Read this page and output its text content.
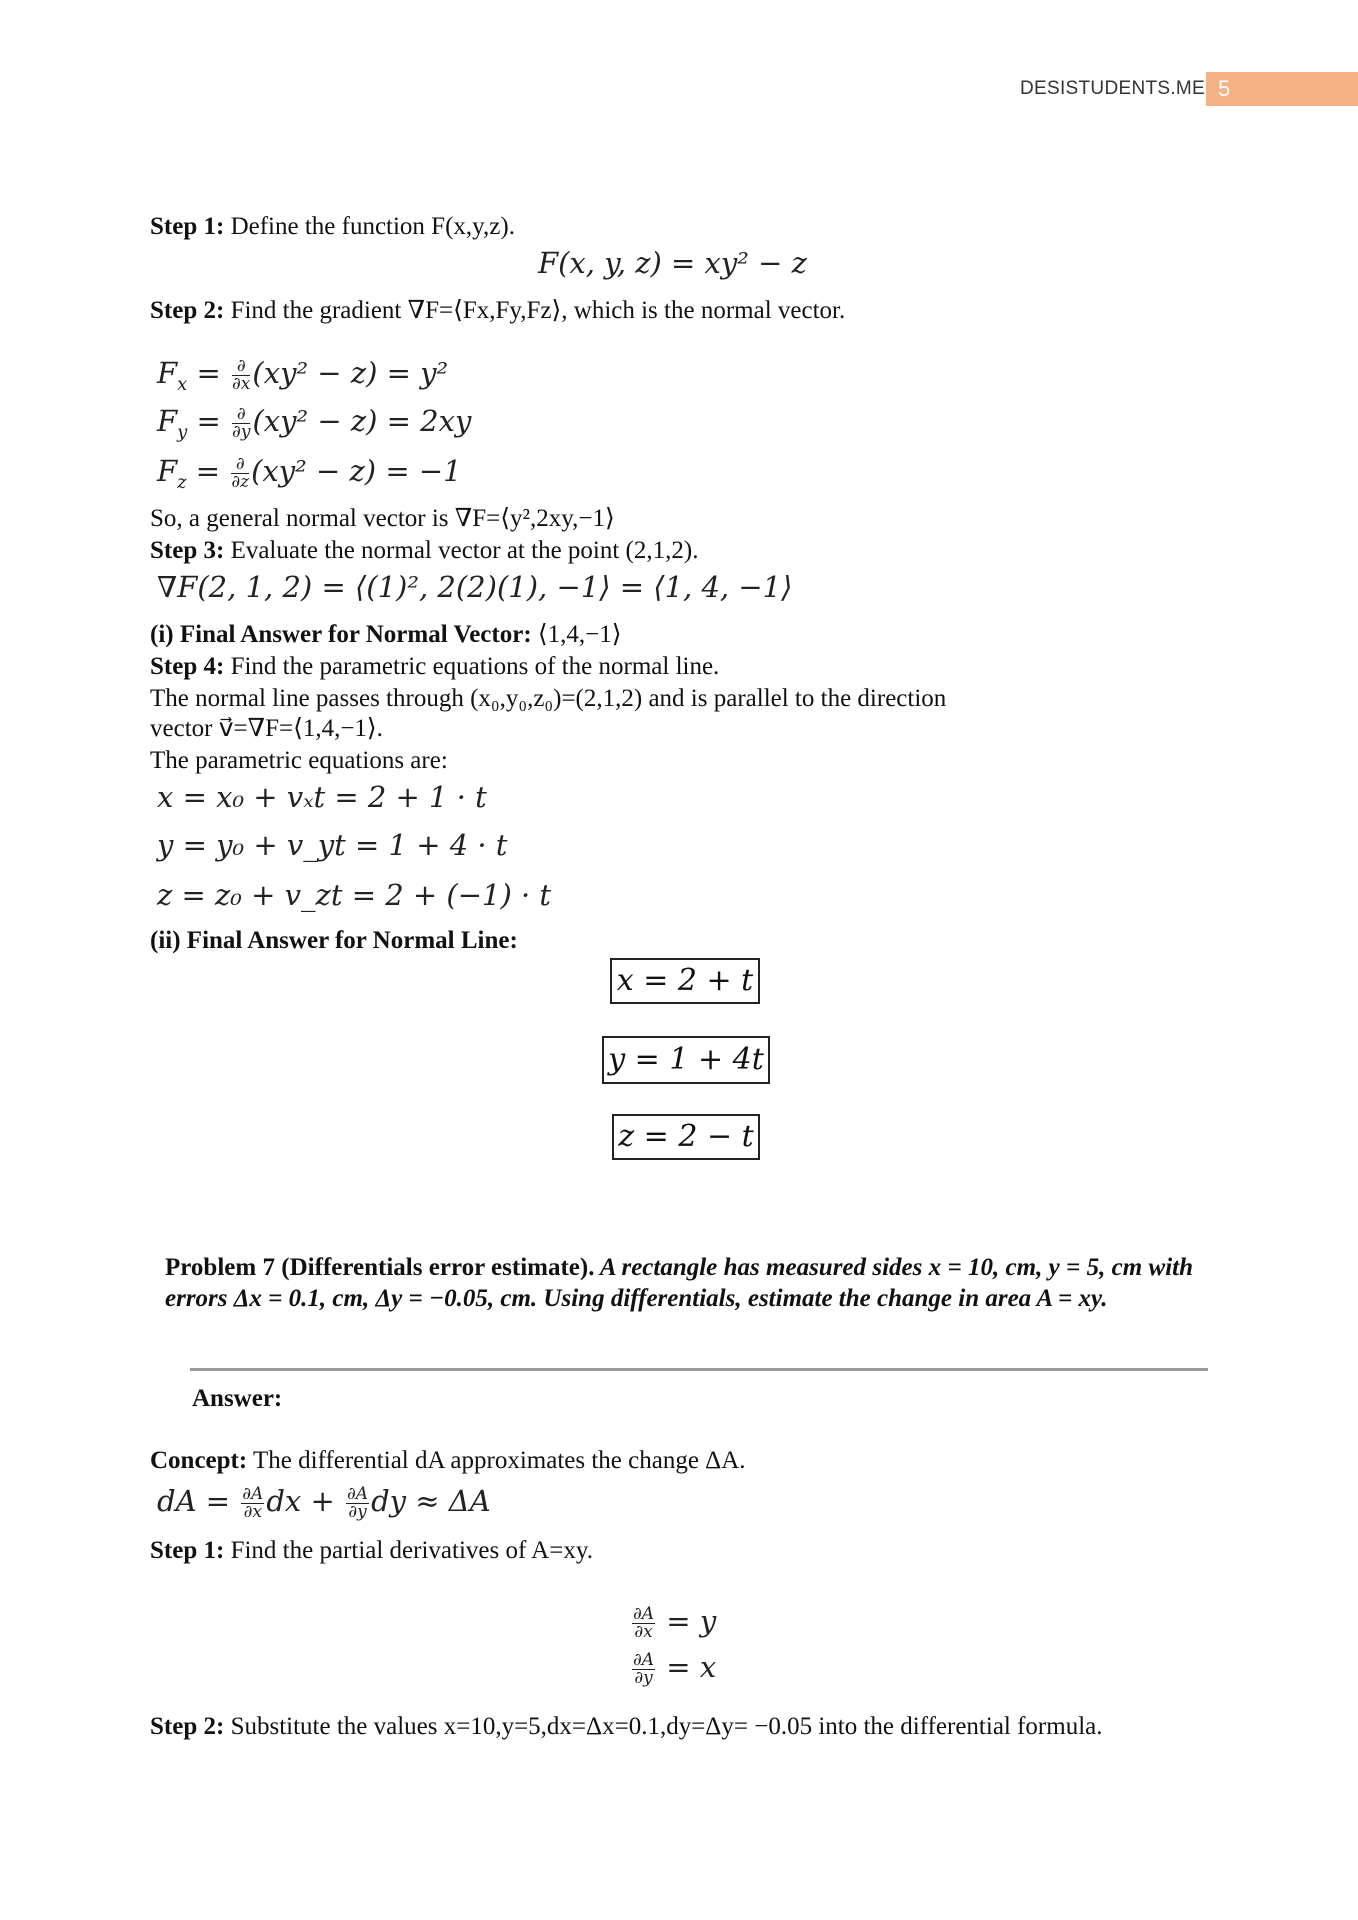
DESISTUDENTS.ME 5
Step 1: Define the function F(x,y,z).
F(x, y, z) = xy² − z
Step 2: Find the gradient ∇F=⟨Fx,Fy,Fz⟩, which is the normal vector.
$F_x = \frac{\partial}{\partial x} (xy^2 - z) = y^2$
$F_y = \frac{\partial}{\partial y} (xy^2 - z) = 2xy$
$F_z = \frac{\partial}{\partial z} (xy^2 - z) = -1$
So, a general normal vector is ∇F=⟨y²,2xy,−1⟩
Step 3: Evaluate the normal vector at the point (2,1,2).
∇F(2, 1, 2) = ⟨(1)², 2(2)(1), −1⟩ = ⟨1, 4, −1⟩
(i) Final Answer for Normal Vector: ⟨1,4,−1⟩
Step 4: Find the parametric equations of the normal line.
The normal line passes through (x₀,y₀,z₀)=(2,1,2) and is parallel to the direction
vector v⃗=∇F=⟨1,4,−1⟩.
The parametric equations are:
x = x₀ + vₓt = 2 + 1 · t
y = y₀ + v_yt = 1 + 4 · t
z = z₀ + v_zt = 2 + (−1) · t
(ii) Final Answer for Normal Line:
x = 2 + t
y = 1 + 4t
z = 2 − t
Problem 7 (Differentials error estimate). A rectangle has measured sides x = 10, cm, y = 5, cm with errors Δx = 0.1, cm, Δy = −0.05, cm. Using differentials, estimate the change in area A = xy.
Answer:
Concept: The differential dA approximates the change ΔA.
dA = $\frac{\partial A}{\partial x}$ dx + $\frac{\partial A}{\partial y}$ dy ≈ ΔA
Step 1: Find the partial derivatives of A=xy.
$\frac{\partial A}{\partial x} = y$
$\frac{\partial A}{\partial y} = x$
Step 2: Substitute the values x=10,y=5,dx=Δx=0.1,dy=Δy= −0.05 into the differential formula.
